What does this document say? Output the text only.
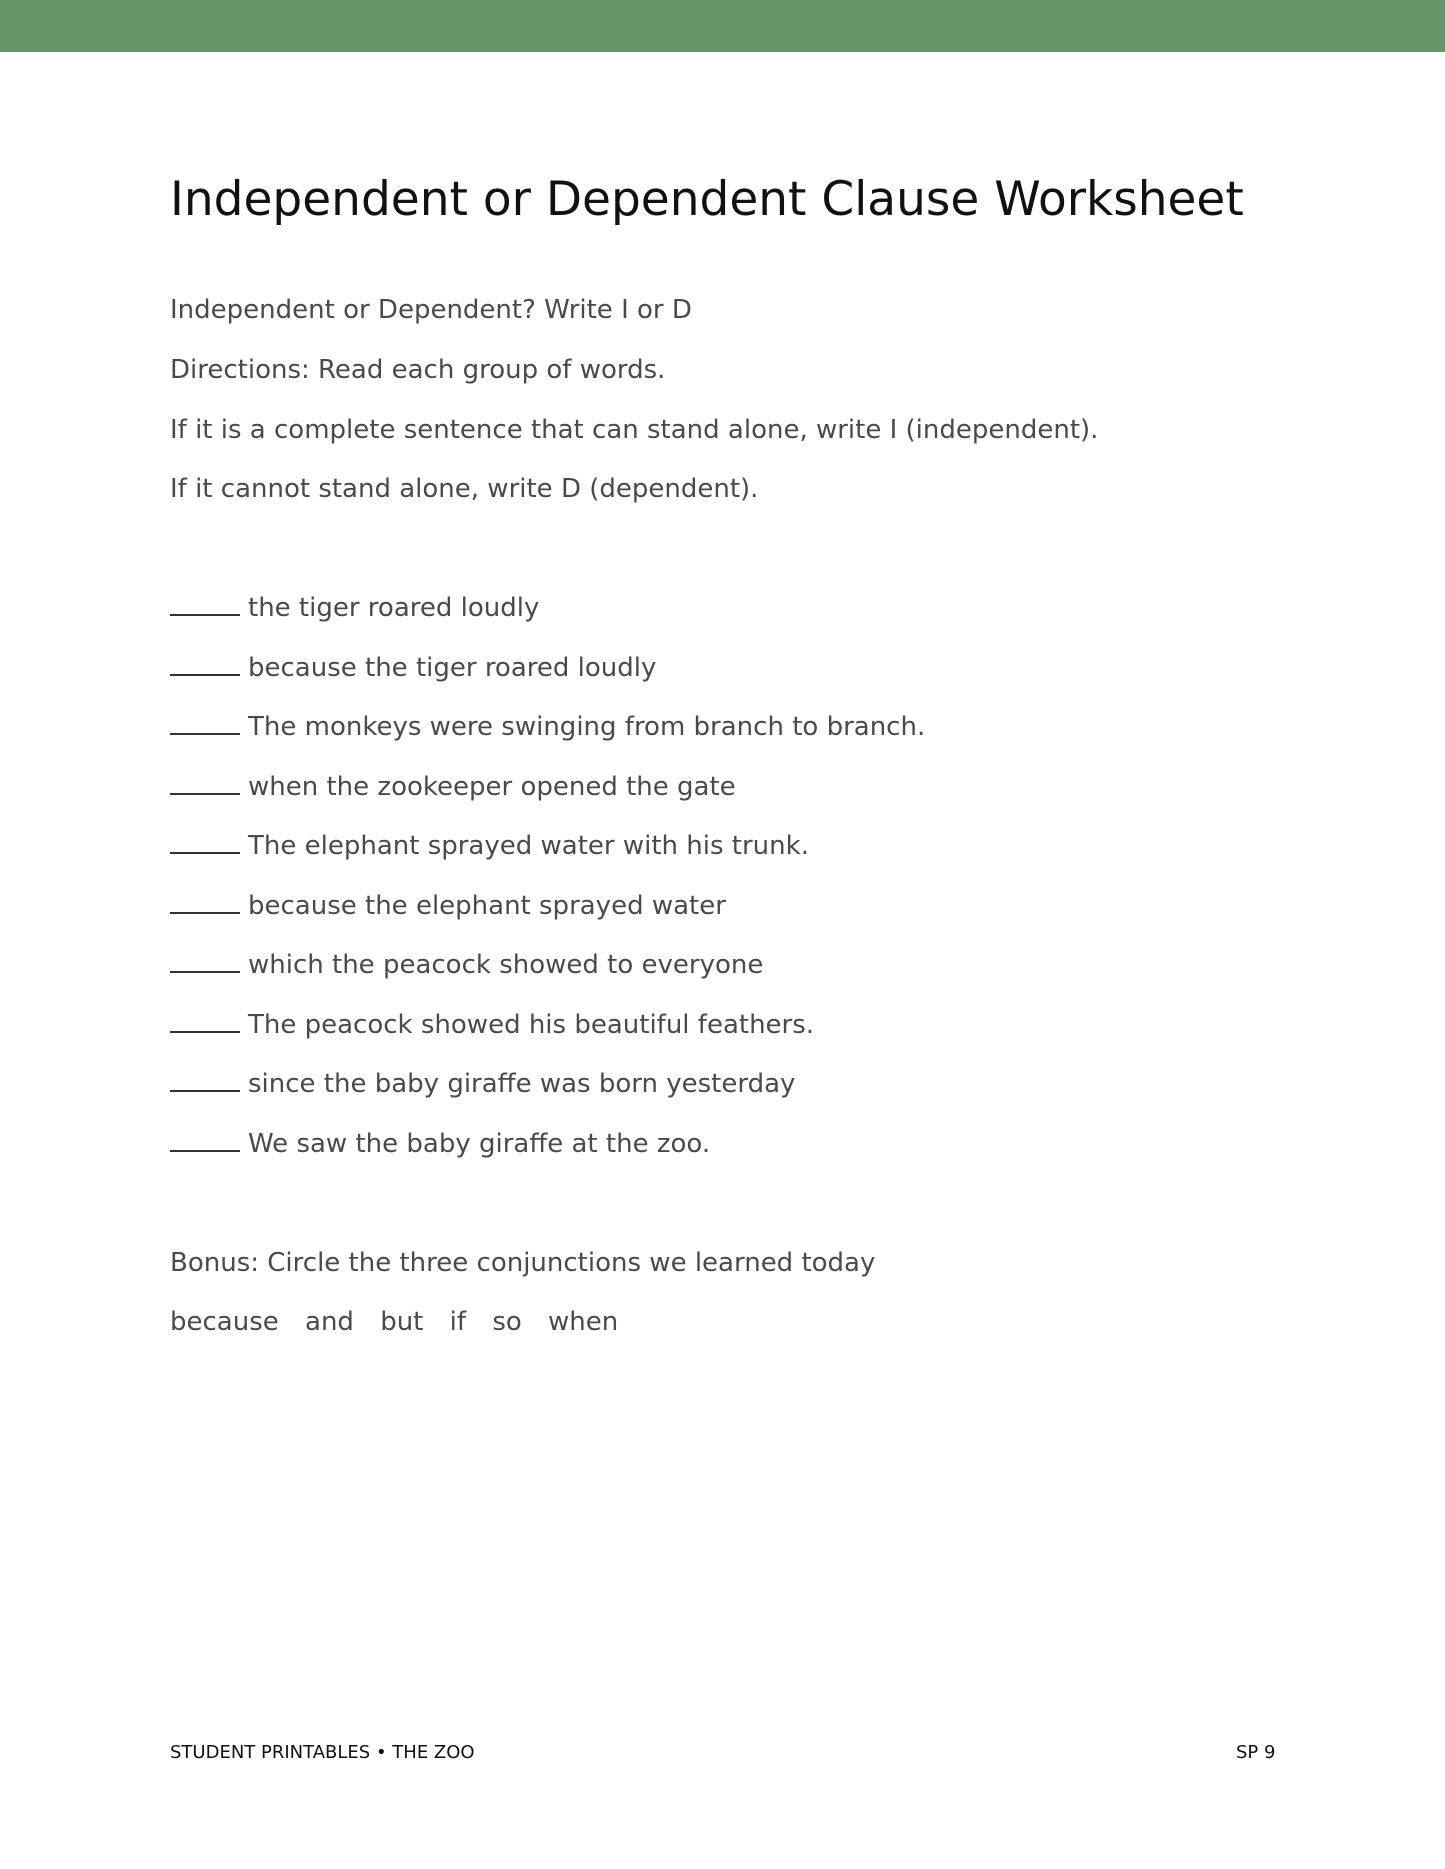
Independent or Dependent Clause Worksheet

Independent or Dependent? Write I or D

Directions: Read each group of words.

If it is a complete sentence that can stand alone, write I (independent).

If it cannot stand alone, write D (dependent).

the tiger roared loudly

because the tiger roared loudly

The monkeys were swinging from branch to branch.

when the zookeeper opened the gate

The elephant sprayed water with his trunk.

because the elephant sprayed water

which the peacock showed to everyone

The peacock showed his beautiful feathers.

since the baby giraffe was born yesterday

We saw the baby giraffe at the zoo.

Bonus: Circle the three conjunctions we learned today

because and but if so when
STUDENT PRINTABLES • THE ZOO	SP 9
